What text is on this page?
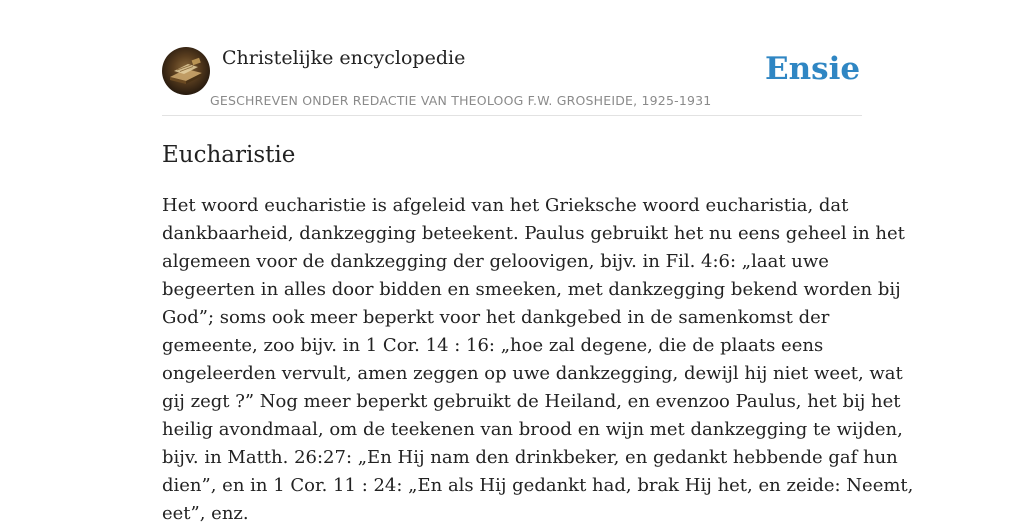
Christelijke encyclopedie
GESCHREVEN ONDER REDACTIE VAN THEOLOOG F.W. GROSHEIDE, 1925-1931
Ensie
Eucharistie
Het woord eucharistie is afgeleid van het Grieksche woord eucharistia, dat
dankbaarheid, dankzegging beteekent. Paulus gebruikt het nu eens geheel in het
algemeen voor de dankzegging der geloovigen, bijv. in Fil. 4:6: „laat uwe
begeerten in alles door bidden en smeeken, met dankzegging bekend worden bij
God”; soms ook meer beperkt voor het dankgebed in de samenkomst der
gemeente, zoo bijv. in 1 Cor. 14 : 16: „hoe zal degene, die de plaats eens
ongeleerden vervult, amen zeggen op uwe dankzegging, dewijl hij niet weet, wat
gij zegt ?” Nog meer beperkt gebruikt de Heiland, en evenzoo Paulus, het bij het
heilig avondmaal, om de teekenen van brood en wijn met dankzegging te wijden,
bijv. in Matth. 26:27: „En Hij nam den drinkbeker, en gedankt hebbende gaf hun
dien”, en in 1 Cor. 11 : 24: „En als Hij gedankt had, brak Hij het, en zeide: Neemt,
eet”, enz.
